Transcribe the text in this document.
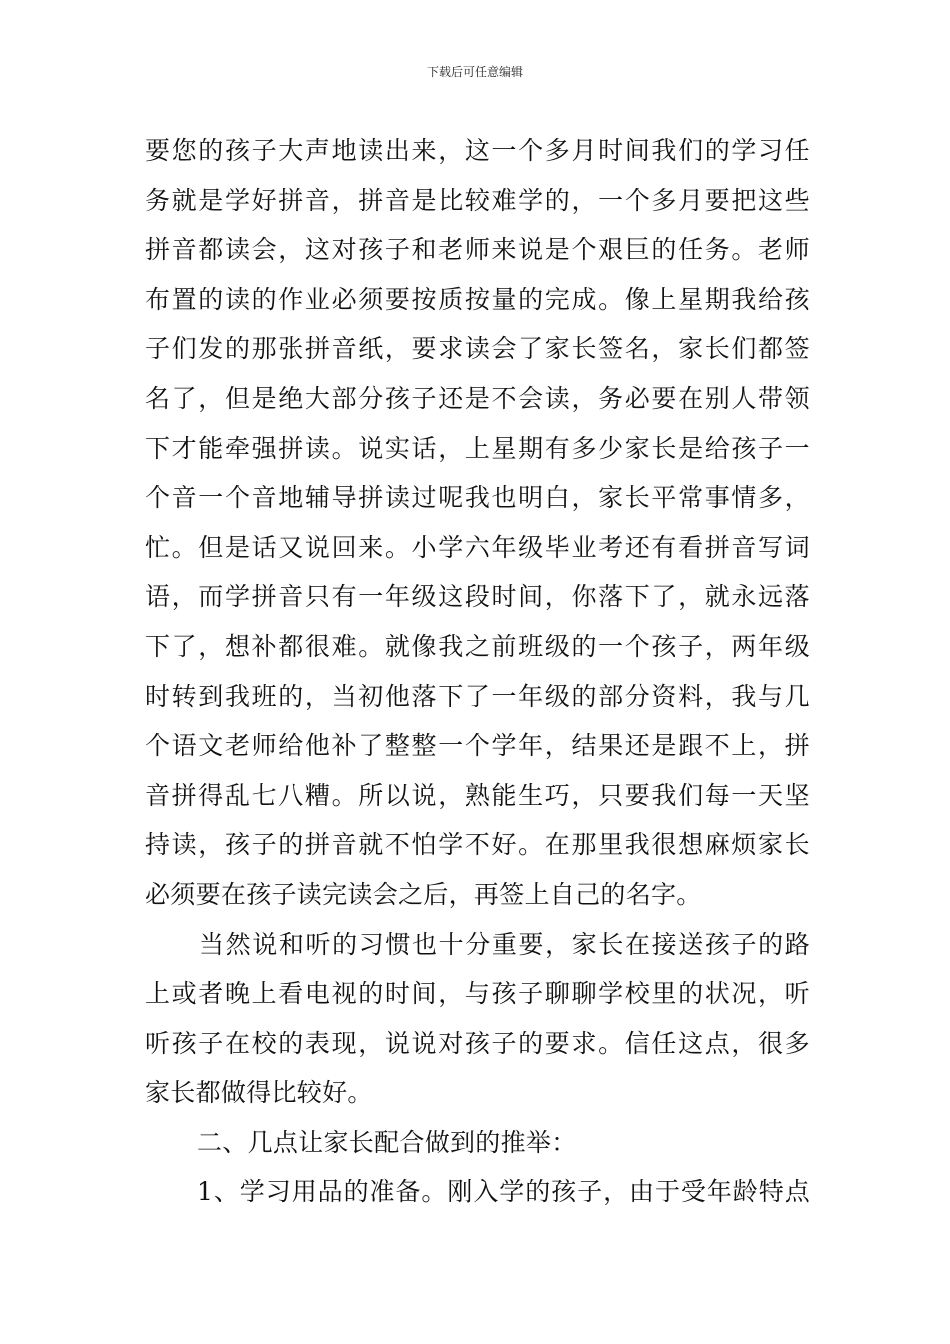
下载后可任意编辑
要您的孩子大声地读出来，这一个多月时间我们的学习任
务就是学好拼音，拼音是比较难学的，一个多月要把这些
拼音都读会，这对孩子和老师来说是个艰巨的任务。老师
布置的读的作业必须要按质按量的完成。像上星期我给孩
子们发的那张拼音纸，要求读会了家长签名，家长们都签
名了，但是绝大部分孩子还是不会读，务必要在别人带领
下才能牵强拼读。说实话，上星期有多少家长是给孩子一
个音一个音地辅导拼读过呢我也明白，家长平常事情多，
忙。但是话又说回来。小学六年级毕业考还有看拼音写词
语，而学拼音只有一年级这段时间，你落下了，就永远落
下了，想补都很难。就像我之前班级的一个孩子，两年级
时转到我班的，当初他落下了一年级的部分资料，我与几
个语文老师给他补了整整一个学年，结果还是跟不上，拼
音拼得乱七八糟。所以说，熟能生巧，只要我们每一天坚
持读，孩子的拼音就不怕学不好。在那里我很想麻烦家长
必须要在孩子读完读会之后，再签上自己的名字。
当然说和听的习惯也十分重要，家长在接送孩子的路
上或者晚上看电视的时间，与孩子聊聊学校里的状况，听
听孩子在校的表现，说说对孩子的要求。信任这点，很多
家长都做得比较好。
二、几点让家长配合做到的推举：
1、学习用品的准备。刚入学的孩子，由于受年龄特点
